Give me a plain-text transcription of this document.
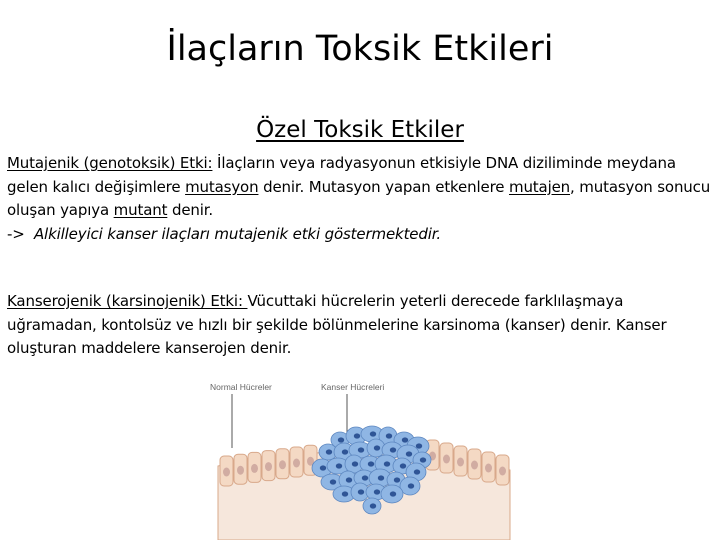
İlaçların Toksik Etkileri
Özel Toksik Etkiler

Mutajenik (genotoksik) Etki: İlaçların veya radyasyonun etkisiyle DNA diziliminde meydana gelen kalıcı değişimlere mutasyon denir. Mutasyon yapan etkenlere mutajen, mutasyon sonucu oluşan yapıya mutant denir.
-> Alkilleyici kanser ilaçları mutajenik etki göstermektedir.

Kanserojenik (karsinojenik) Etki: Vücuttaki hücrelerin yeterli derecede farklılaşmaya uğramadan, kontolsüz ve hızlı bir şekilde bölünmelerine karsinoma (kanser) denir. Kanser oluşturan maddelere kanserojen denir.

Normal Hücreler	Kanser Hücreleri
